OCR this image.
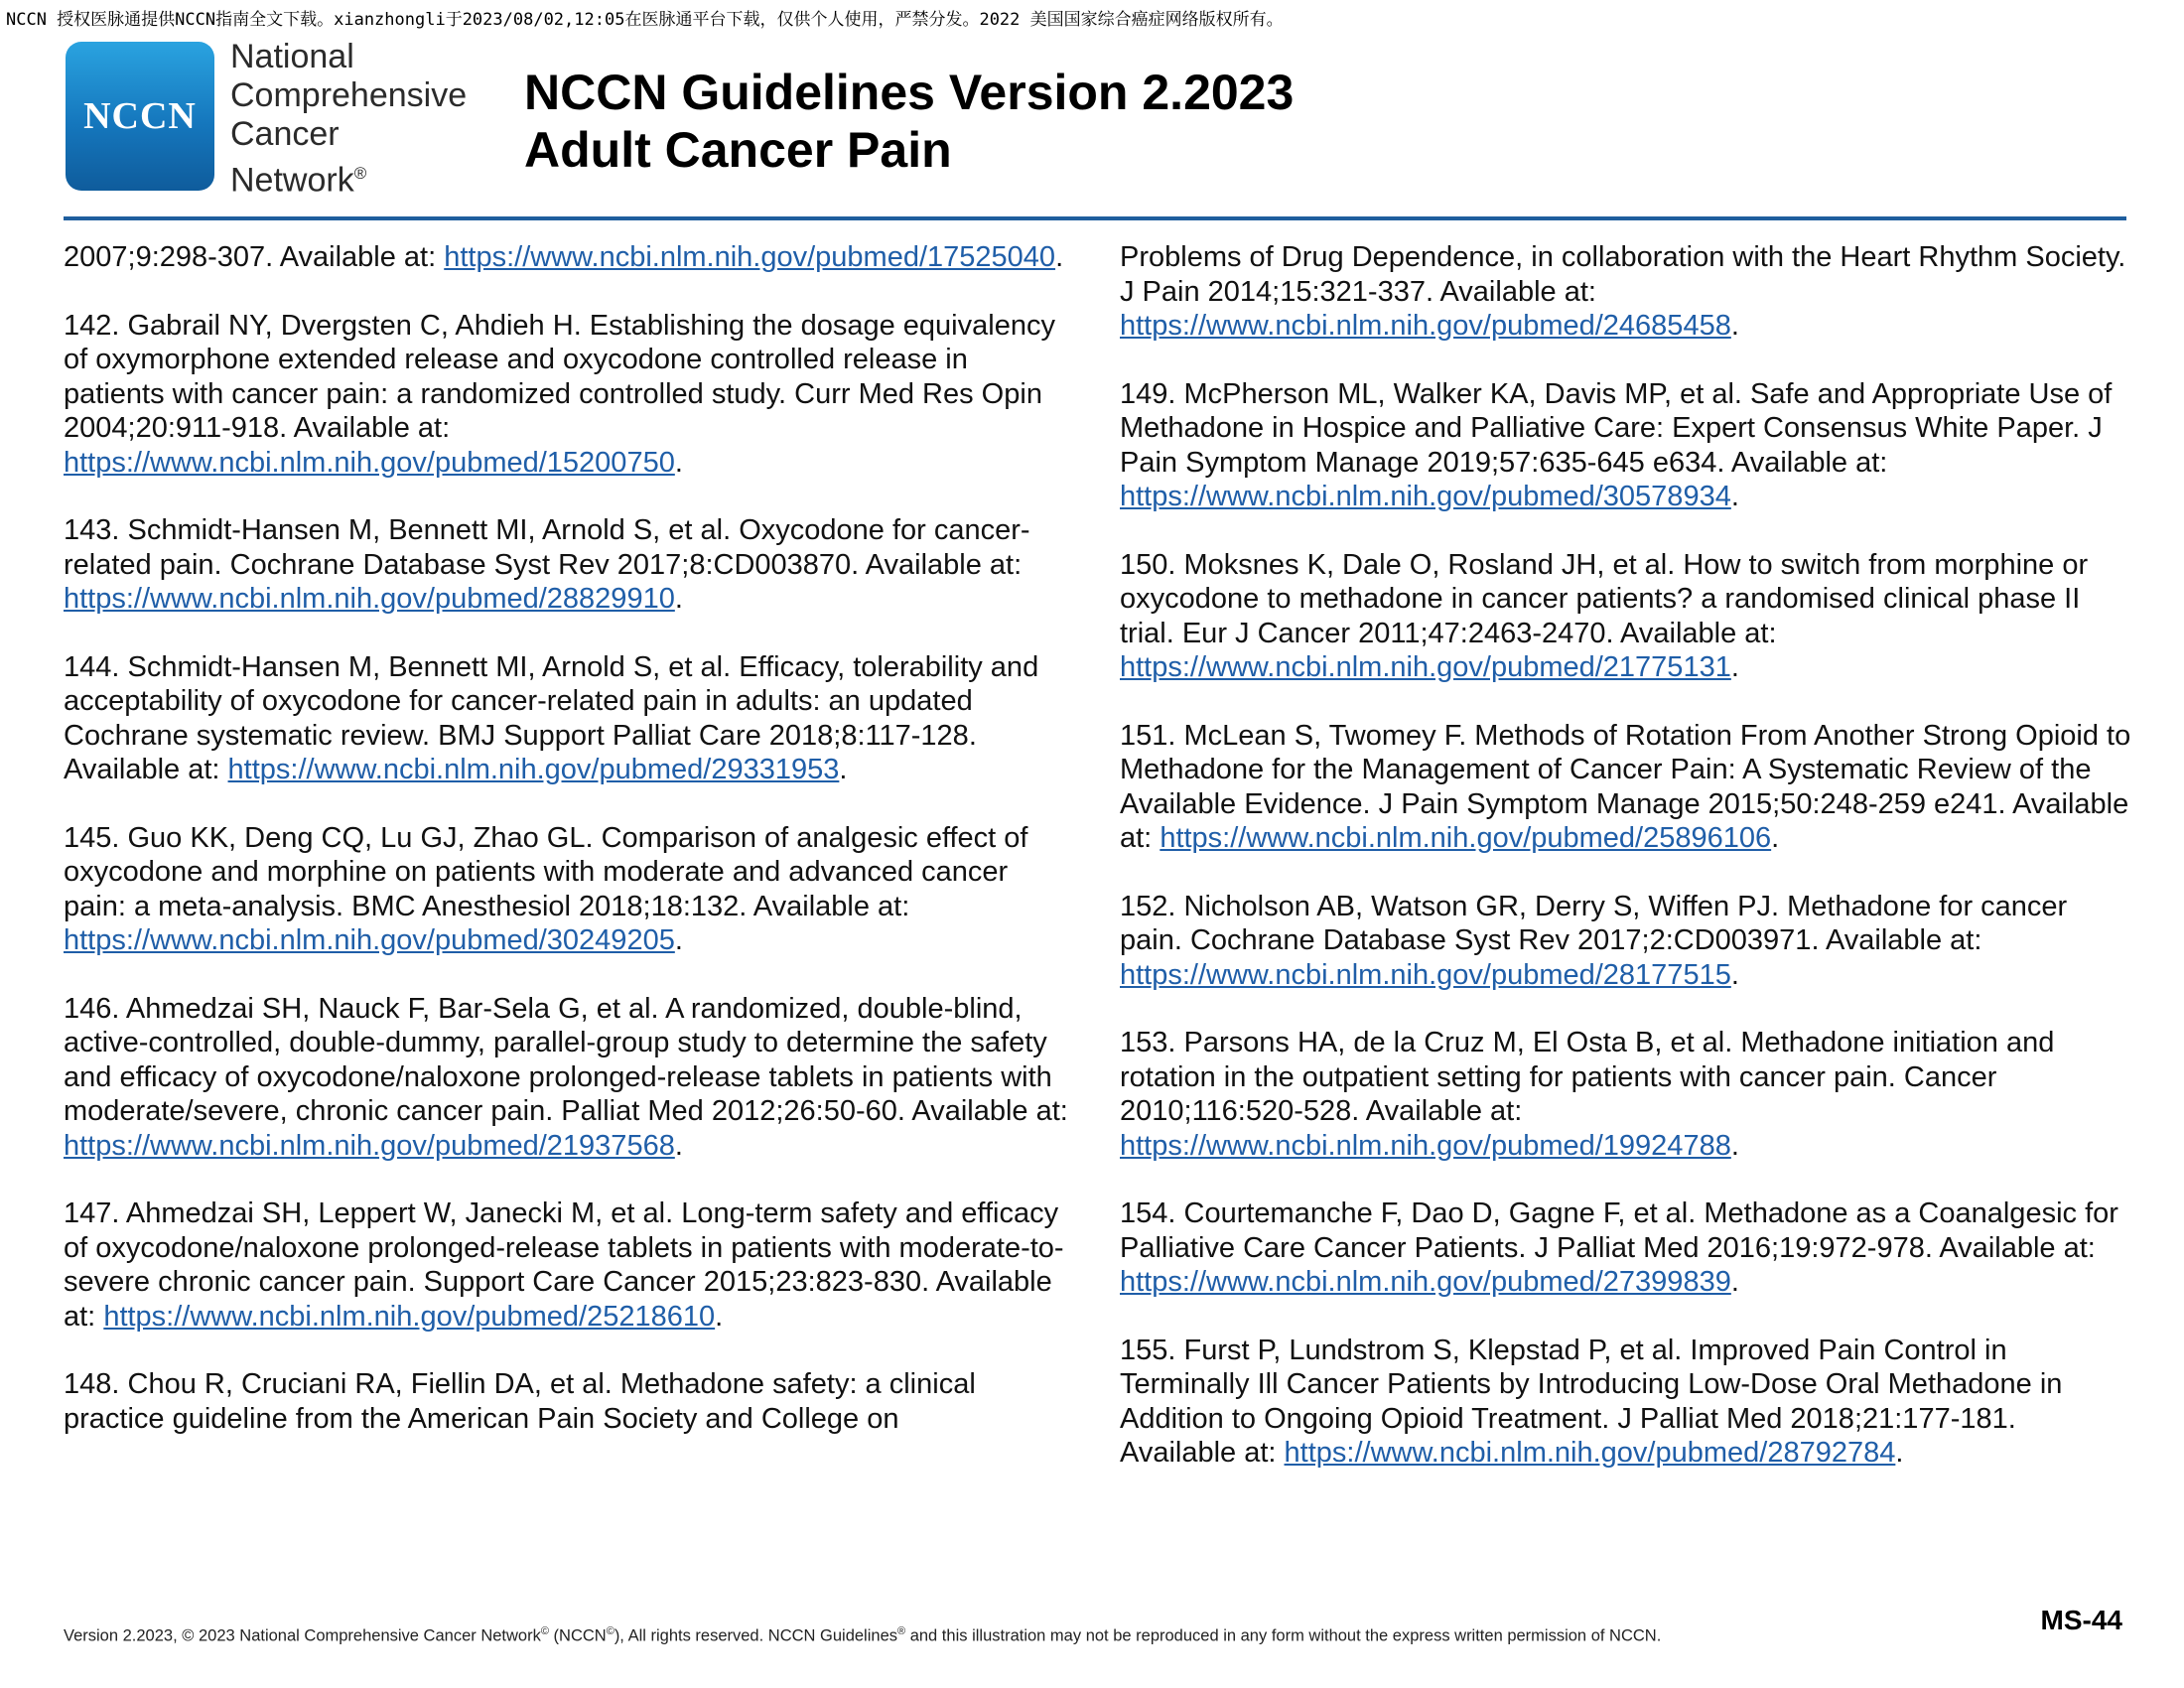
NCCN 授权医脉通提供NCCN指南全文下载。xianzhongli于2023/08/02,12:05在医脉通平台下载，仅供个人使用，严禁分发。2022 美国国家综合癌症网络版权所有。
NCCN
National
Comprehensive
Cancer
Network®
NCCN Guidelines Version 2.2023
Adult Cancer Pain
2007;9:298-307. Available at: https://www.ncbi.nlm.nih.gov/pubmed/17525040.
142. Gabrail NY, Dvergsten C, Ahdieh H. Establishing the dosage equivalency of oxymorphone extended release and oxycodone controlled release in patients with cancer pain: a randomized controlled study. Curr Med Res Opin 2004;20:911-918. Available at: https://www.ncbi.nlm.nih.gov/pubmed/15200750.
143. Schmidt-Hansen M, Bennett MI, Arnold S, et al. Oxycodone for cancer-related pain. Cochrane Database Syst Rev 2017;8:CD003870. Available at: https://www.ncbi.nlm.nih.gov/pubmed/28829910.
144. Schmidt-Hansen M, Bennett MI, Arnold S, et al. Efficacy, tolerability and acceptability of oxycodone for cancer-related pain in adults: an updated Cochrane systematic review. BMJ Support Palliat Care 2018;8:117-128. Available at: https://www.ncbi.nlm.nih.gov/pubmed/29331953.
145. Guo KK, Deng CQ, Lu GJ, Zhao GL. Comparison of analgesic effect of oxycodone and morphine on patients with moderate and advanced cancer pain: a meta-analysis. BMC Anesthesiol 2018;18:132. Available at: https://www.ncbi.nlm.nih.gov/pubmed/30249205.
146. Ahmedzai SH, Nauck F, Bar-Sela G, et al. A randomized, double-blind, active-controlled, double-dummy, parallel-group study to determine the safety and efficacy of oxycodone/naloxone prolonged-release tablets in patients with moderate/severe, chronic cancer pain. Palliat Med 2012;26:50-60. Available at: https://www.ncbi.nlm.nih.gov/pubmed/21937568.
147. Ahmedzai SH, Leppert W, Janecki M, et al. Long-term safety and efficacy of oxycodone/naloxone prolonged-release tablets in patients with moderate-to-severe chronic cancer pain. Support Care Cancer 2015;23:823-830. Available at: https://www.ncbi.nlm.nih.gov/pubmed/25218610.
148. Chou R, Cruciani RA, Fiellin DA, et al. Methadone safety: a clinical practice guideline from the American Pain Society and College on
Problems of Drug Dependence, in collaboration with the Heart Rhythm Society. J Pain 2014;15:321-337. Available at: https://www.ncbi.nlm.nih.gov/pubmed/24685458.
149. McPherson ML, Walker KA, Davis MP, et al. Safe and Appropriate Use of Methadone in Hospice and Palliative Care: Expert Consensus White Paper. J Pain Symptom Manage 2019;57:635-645 e634. Available at: https://www.ncbi.nlm.nih.gov/pubmed/30578934.
150. Moksnes K, Dale O, Rosland JH, et al. How to switch from morphine or oxycodone to methadone in cancer patients? a randomised clinical phase II trial. Eur J Cancer 2011;47:2463-2470. Available at: https://www.ncbi.nlm.nih.gov/pubmed/21775131.
151. McLean S, Twomey F. Methods of Rotation From Another Strong Opioid to Methadone for the Management of Cancer Pain: A Systematic Review of the Available Evidence. J Pain Symptom Manage 2015;50:248-259 e241. Available at: https://www.ncbi.nlm.nih.gov/pubmed/25896106.
152. Nicholson AB, Watson GR, Derry S, Wiffen PJ. Methadone for cancer pain. Cochrane Database Syst Rev 2017;2:CD003971. Available at: https://www.ncbi.nlm.nih.gov/pubmed/28177515.
153. Parsons HA, de la Cruz M, El Osta B, et al. Methadone initiation and rotation in the outpatient setting for patients with cancer pain. Cancer 2010;116:520-528. Available at: https://www.ncbi.nlm.nih.gov/pubmed/19924788.
154. Courtemanche F, Dao D, Gagne F, et al. Methadone as a Coanalgesic for Palliative Care Cancer Patients. J Palliat Med 2016;19:972-978. Available at: https://www.ncbi.nlm.nih.gov/pubmed/27399839.
155. Furst P, Lundstrom S, Klepstad P, et al. Improved Pain Control in Terminally Ill Cancer Patients by Introducing Low-Dose Oral Methadone in Addition to Ongoing Opioid Treatment. J Palliat Med 2018;21:177-181. Available at: https://www.ncbi.nlm.nih.gov/pubmed/28792784.
Version 2.2023, © 2023 National Comprehensive Cancer Network© (NCCN©), All rights reserved. NCCN Guidelines® and this illustration may not be reproduced in any form without the express written permission of NCCN.
MS-44
